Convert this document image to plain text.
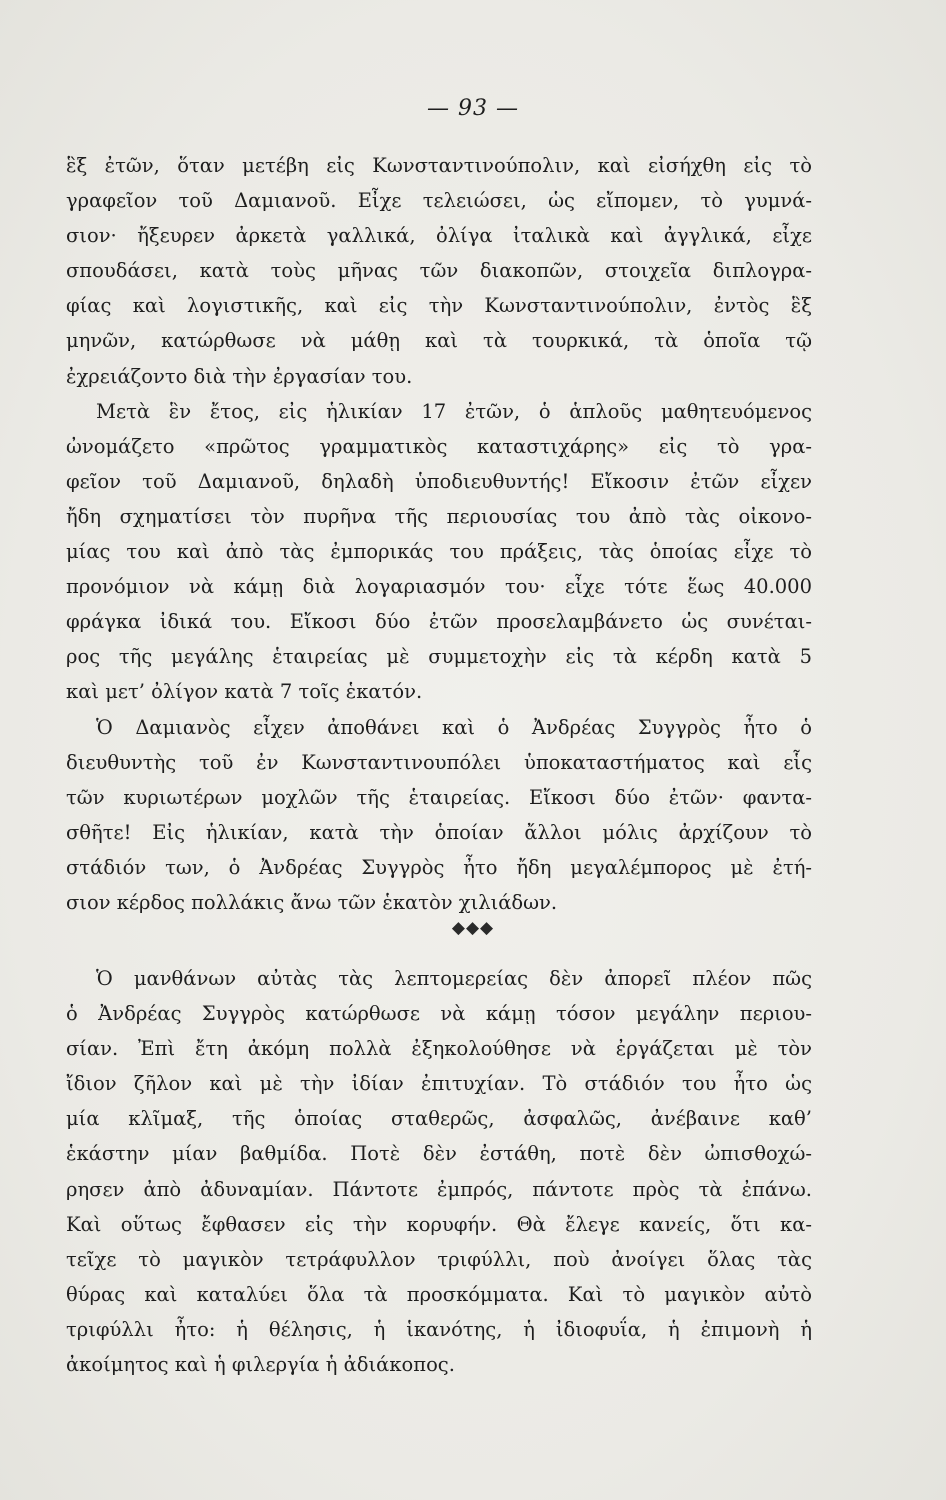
— 93 —
ἓξ ἐτῶν, ὅταν μετέβη εἰς Κωνσταντινούπολιν, καὶ εἰσήχθη εἰς τὸ
γραφεῖον τοῦ Δαμιανοῦ. Εἶχε τελειώσει, ὡς εἴπομεν, τὸ γυμνά-
σιον· ἤξευρεν ἀρκετὰ γαλλικά, ὀλίγα ἰταλικὰ καὶ ἀγγλικά, εἶχε
σπουδάσει, κατὰ τοὺς μῆνας τῶν διακοπῶν, στοιχεῖα διπλογρα-
φίας καὶ λογιστικῆς, καὶ εἰς τὴν Κωνσταντινούπολιν, ἐντὸς ἓξ
μηνῶν, κατώρθωσε νὰ μάθῃ καὶ τὰ τουρκικά, τὰ ὁποῖα τῷ
ἐχρειάζοντο διὰ τὴν ἐργασίαν του.
Μετὰ ἓν ἔτος, εἰς ἡλικίαν 17 ἐτῶν, ὁ ἁπλοῦς μαθητευόμενος
ὠνομάζετο «πρῶτος γραμματικὸς καταστιχάρης» εἰς τὸ γρα-
φεῖον τοῦ Δαμιανοῦ, δηλαδὴ ὑποδιευθυντής! Εἴκοσιν ἐτῶν εἶχεν
ἤδη σχηματίσει τὸν πυρῆνα τῆς περιουσίας του ἀπὸ τὰς οἰκονο-
μίας του καὶ ἀπὸ τὰς ἐμπορικάς του πράξεις, τὰς ὁποίας εἶχε τὸ
προνόμιον νὰ κάμῃ διὰ λογαριασμόν του· εἶχε τότε ἕως 40.000
φράγκα ἰδικά του. Εἴκοσι δύο ἐτῶν προσελαμβάνετο ὡς συνέται-
ρος τῆς μεγάλης ἑταιρείας μὲ συμμετοχὴν εἰς τὰ κέρδη κατὰ 5
καὶ μετ’ ὀλίγον κατὰ 7 τοῖς ἑκατόν.
Ὁ Δαμιανὸς εἶχεν ἀποθάνει καὶ ὁ Ἀνδρέας Συγγρὸς ἦτο ὁ
διευθυντὴς τοῦ ἐν Κωνσταντινουπόλει ὑποκαταστήματος καὶ εἷς
τῶν κυριωτέρων μοχλῶν τῆς ἑταιρείας. Εἴκοσι δύο ἐτῶν· φαντα-
σθῆτε! Εἰς ἡλικίαν, κατὰ τὴν ὁποίαν ἄλλοι μόλις ἀρχίζουν τὸ
στάδιόν των, ὁ Ἀνδρέας Συγγρὸς ἦτο ἤδη μεγαλέμπορος μὲ ἐτή-
σιον κέρδος πολλάκις ἄνω τῶν ἑκατὸν χιλιάδων.
◆◆◆
Ὁ μανθάνων αὐτὰς τὰς λεπτομερείας δὲν ἀπορεῖ πλέον πῶς
ὁ Ἀνδρέας Συγγρὸς κατώρθωσε νὰ κάμῃ τόσον μεγάλην περιου-
σίαν. Ἐπὶ ἔτη ἀκόμη πολλὰ ἐξηκολούθησε νὰ ἐργάζεται μὲ τὸν
ἴδιον ζῆλον καὶ μὲ τὴν ἰδίαν ἐπιτυχίαν. Τὸ στάδιόν του ἦτο ὡς
μία κλῖμαξ, τῆς ὁποίας σταθερῶς, ἀσφαλῶς, ἀνέβαινε καθ’
ἑκάστην μίαν βαθμίδα. Ποτὲ δὲν ἐστάθη, ποτὲ δὲν ὠπισθοχώ-
ρησεν ἀπὸ ἀδυναμίαν. Πάντοτε ἐμπρός, πάντοτε πρὸς τὰ ἐπάνω.
Καὶ οὕτως ἔφθασεν εἰς τὴν κορυφήν. Θὰ ἔλεγε κανείς, ὅτι κα-
τεῖχε τὸ μαγικὸν τετράφυλλον τριφύλλι, ποὺ ἀνοίγει ὅλας τὰς
θύρας καὶ καταλύει ὅλα τὰ προσκόμματα. Καὶ τὸ μαγικὸν αὐτὸ
τριφύλλι ἦτο: ἡ θέλησις, ἡ ἱκανότης, ἡ ἰδιοφυΐα, ἡ ἐπιμονὴ ἡ
ἀκοίμητος καὶ ἡ φιλεργία ἡ ἀδιάκοπος.
